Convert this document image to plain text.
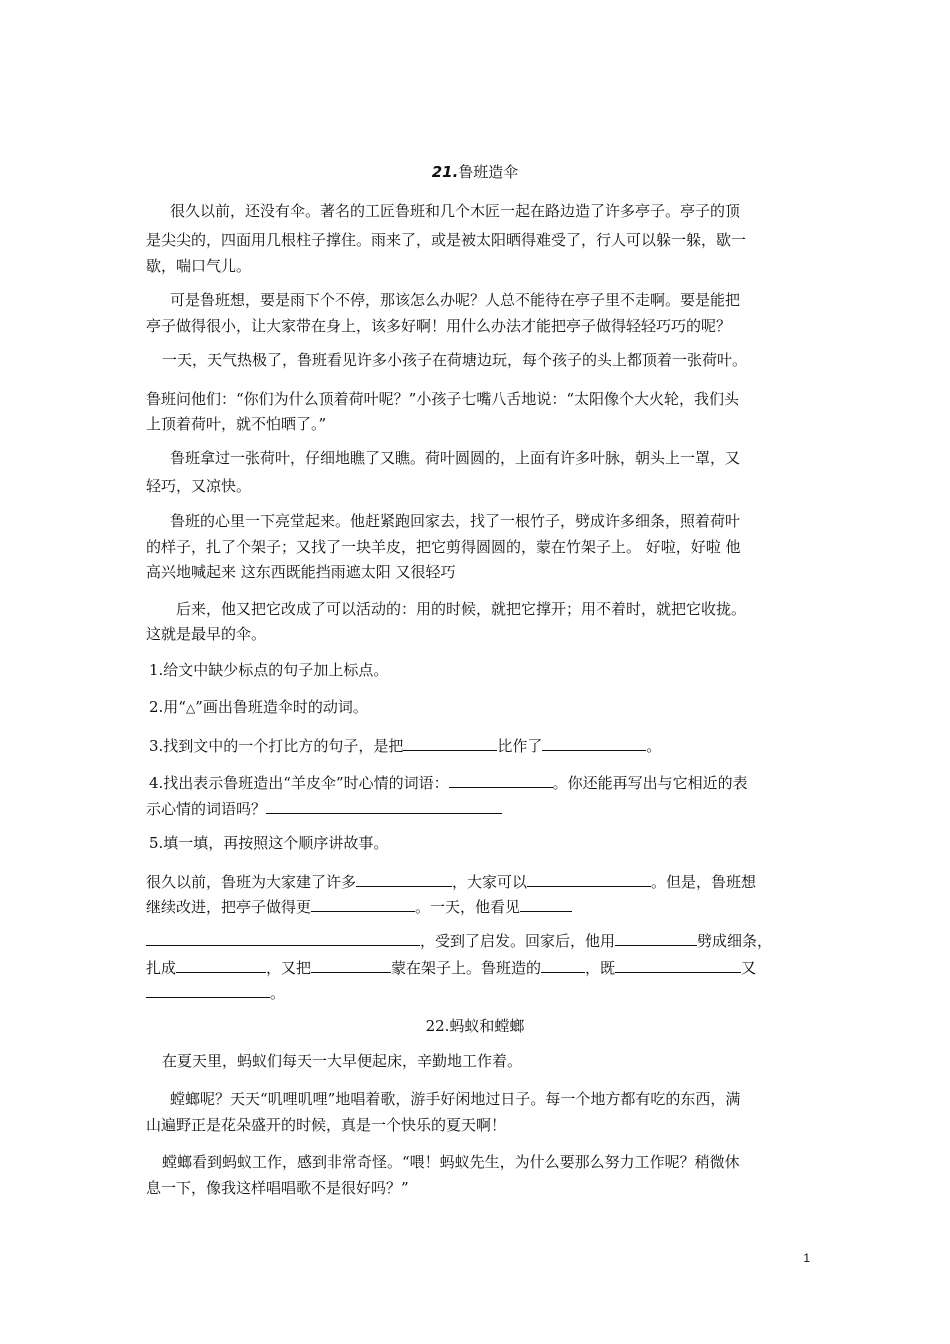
21.鲁班造伞
很久以前，还没有伞。著名的工匠鲁班和几个木匠一起在路边造了许多亭子。亭子的顶
是尖尖的，四面用几根柱子撑住。雨来了，或是被太阳晒得难受了，行人可以躲一躲，歇一
歇，喘口气儿。
可是鲁班想，要是雨下个不停，那该怎么办呢？人总不能待在亭子里不走啊。要是能把
亭子做得很小，让大家带在身上，该多好啊！用什么办法才能把亭子做得轻轻巧巧的呢？
一天，天气热极了，鲁班看见许多小孩子在荷塘边玩，每个孩子的头上都顶着一张荷叶。
鲁班问他们：“你们为什么顶着荷叶呢？”小孩子七嘴八舌地说：“太阳像个大火轮，我们头
上顶着荷叶，就不怕晒了。”
鲁班拿过一张荷叶，仔细地瞧了又瞧。荷叶圆圆的，上面有许多叶脉，朝头上一罩，又
轻巧，又凉快。
鲁班的心里一下亮堂起来。他赶紧跑回家去，找了一根竹子，劈成许多细条，照着荷叶
的样子，扎了个架子；又找了一块羊皮，把它剪得圆圆的，蒙在竹架子上。 好啦，好啦 他
高兴地喊起来 这东西既能挡雨遮太阳 又很轻巧
后来，他又把它改成了可以活动的：用的时候，就把它撑开；用不着时，就把它收拢。
这就是最早的伞。
1.给文中缺少标点的句子加上标点。
2.用“△”画出鲁班造伞时的动词。
3.找到文中的一个打比方的句子，是把	比作了	。
4.找出表示鲁班造出“羊皮伞”时心情的词语：	。你还能再写出与它相近的表
示心情的词语吗？
5.填一填，再按照这个顺序讲故事。
很久以前，鲁班为大家建了许多	，大家可以	。但是，鲁班想
继续改进，把亭子做得更	。一天，他看见
，受到了启发。回家后，他用	劈成细条，
扎成	，又把	蒙在架子上。鲁班造的	，既	又
。
22.蚂蚁和螳螂
在夏天里，蚂蚁们每天一大早便起床，辛勤地工作着。
螳螂呢？天天“叽哩叽哩”地唱着歌，游手好闲地过日子。每一个地方都有吃的东西，满
山遍野正是花朵盛开的时候，真是一个快乐的夏天啊！
螳螂看到蚂蚁工作，感到非常奇怪。“喂！蚂蚁先生，为什么要那么努力工作呢？稍微休
息一下，像我这样唱唱歌不是很好吗？”
1
